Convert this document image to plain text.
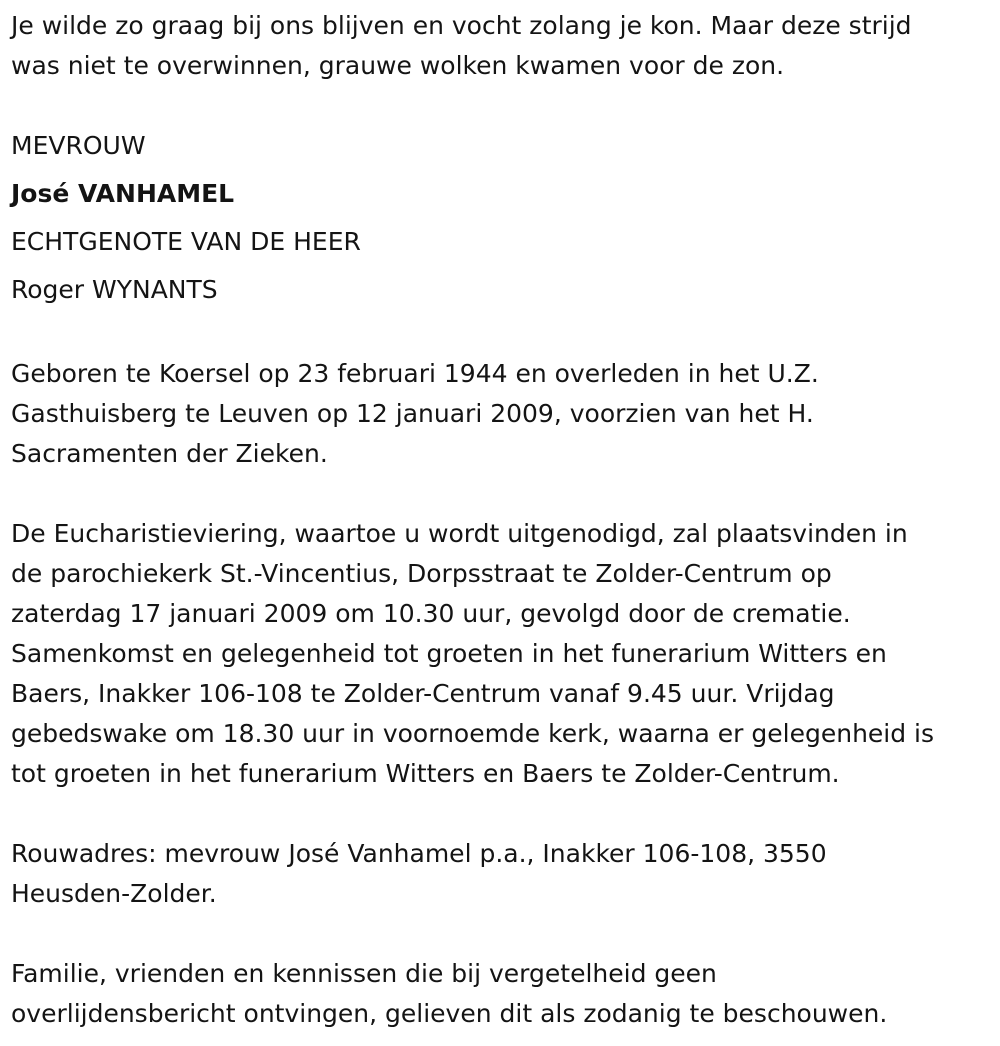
Je wilde zo graag bij ons blijven en vocht zolang je kon. Maar deze strijd
was niet te overwinnen, grauwe wolken kwamen voor de zon.
MEVROUW
José VANHAMEL
ECHTGENOTE VAN DE HEER
Roger WYNANTS
Geboren te Koersel op 23 februari 1944 en overleden in het U.Z.
Gasthuisberg te Leuven op 12 januari 2009, voorzien van het H.
Sacramenten der Zieken.
De Eucharistieviering, waartoe u wordt uitgenodigd, zal plaatsvinden in
de parochiekerk St.-Vincentius, Dorpsstraat te Zolder-Centrum op
zaterdag 17 januari 2009 om 10.30 uur, gevolgd door de crematie.
Samenkomst en gelegenheid tot groeten in het funerarium Witters en
Baers, Inakker 106-108 te Zolder-Centrum vanaf 9.45 uur. Vrijdag
gebedswake om 18.30 uur in voornoemde kerk, waarna er gelegenheid is
tot groeten in het funerarium Witters en Baers te Zolder-Centrum.
Rouwadres: mevrouw José Vanhamel p.a., Inakker 106-108, 3550
Heusden-Zolder.
Familie, vrienden en kennissen die bij vergetelheid geen
overlijdensbericht ontvingen, gelieven dit als zodanig te beschouwen.
